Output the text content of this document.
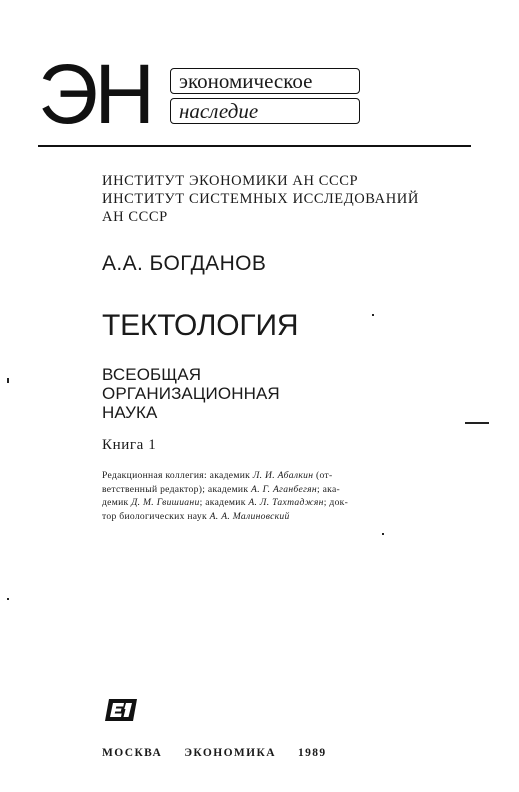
ЭН	экономическое
наследие
ИНСТИТУТ ЭКОНОМИКИ АН СССР
ИНСТИТУТ СИСТЕМНЫХ ИССЛЕДОВАНИЙ
АН СССР
А.А. БОГДАНОВ
ТЕКТОЛОГИЯ
ВСЕОБЩАЯ
ОРГАНИЗАЦИОННАЯ
НАУКА
Книга 1
Редакционная коллегия: академик Л. И. Абалкин (от-
ветственный редактор); академик А. Г. Аганбегян; ака-
демик Д. М. Гвишиани; академик А. Л. Тахтаджян; док-
тор биологических наук А. А. Малиновский
МОСКВА ЭКОНОМИКА 1989
